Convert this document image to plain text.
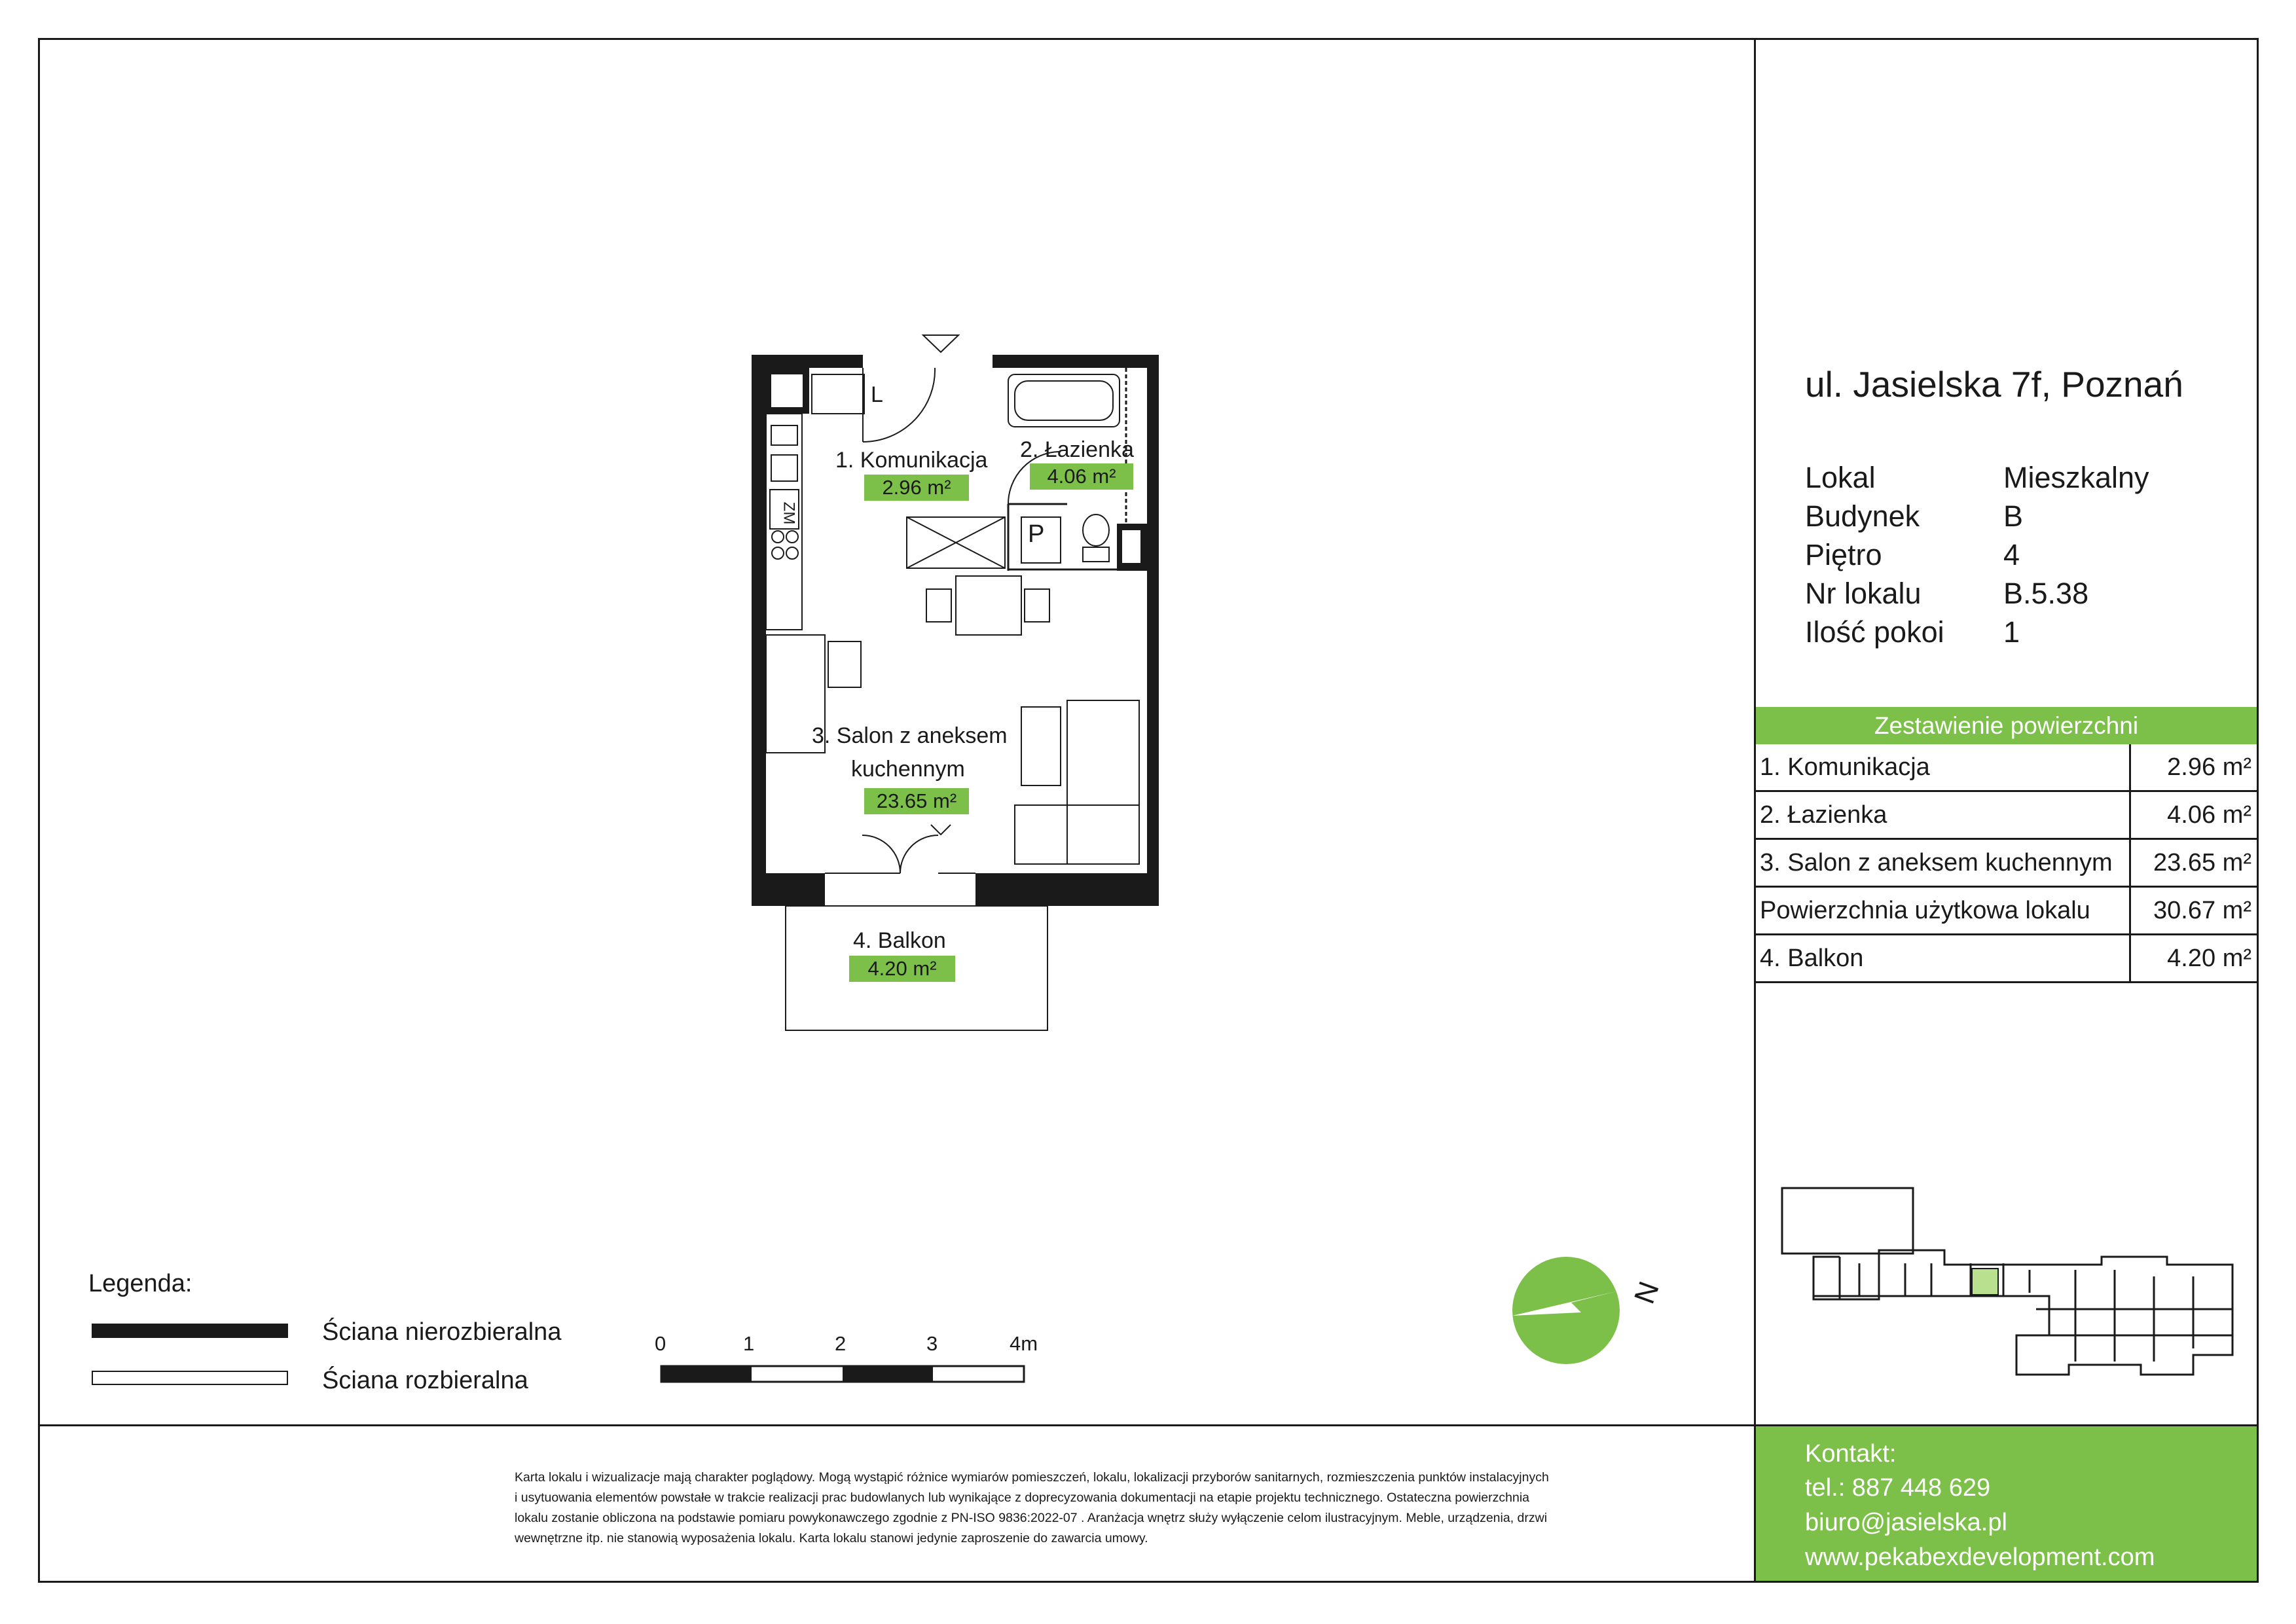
ul. Jasielska 7f, Poznań
Lokal	Mieszkalny
Budynek	B
Piętro	4
Nr lokalu	B.5.38
Ilość pokoi 1
Zestawienie powierzchni
1. Komunikacja	2.96 m²
2. Łazienka	4.06 m²
3. Salon z aneksem kuchennym 23.65 m²
Powierzchnia użytkowa lokalu	30.67 m²
4. Balkon	4.20 m²
L
ZM
P
1. Komunikacja
2.96 m²
2. Łazienka
4.06 m²
3. Salon z aneksem
kuchennym
23.65 m²
4. Balkon
4.20 m²
Legenda:
Ściana nierozbieralna
Ściana rozbieralna
0	1	2	3	4m
N
Karta lokalu i wizualizacje mają charakter poglądowy. Mogą wystąpić różnice wymiarów pomieszczeń, lokalu, lokalizacji przyborów sanitarnych, rozmieszczenia punktów instalacyjnych
i usytuowania elementów powstałe w trakcie realizacji prac budowlanych lub wynikające z doprecyzowania dokumentacji na etapie projektu technicznego. Ostateczna powierzchnia
lokalu zostanie obliczona na podstawie pomiaru powykonawczego zgodnie z PN-ISO 9836:2022-07 . Aranżacja wnętrz służy wyłączenie celom ilustracyjnym. Meble, urządzenia, drzwi
wewnętrzne itp. nie stanowią wyposażenia lokalu. Karta lokalu stanowi jedynie zaproszenie do zawarcia umowy.
Kontakt:
tel.: 887 448 629
biuro@jasielska.pl
www.pekabexdevelopment.com
